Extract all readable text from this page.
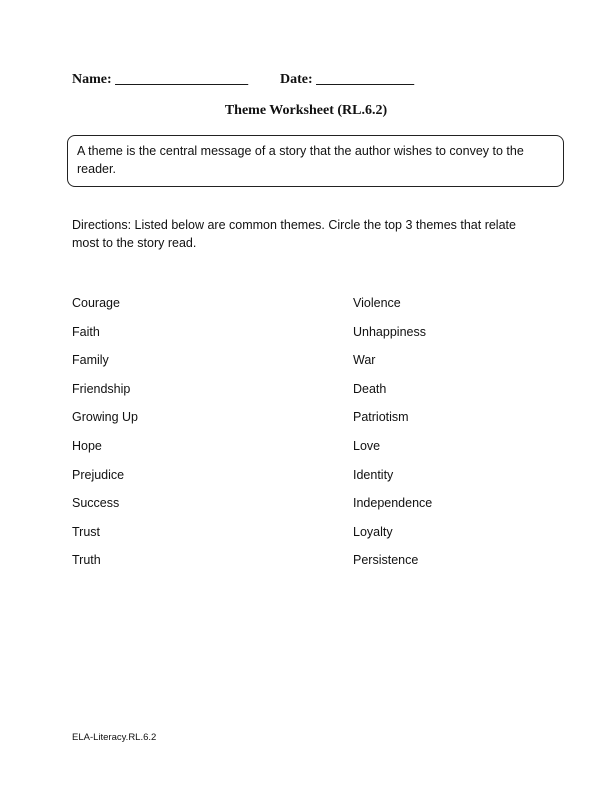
Name: ___________________ Date: ______________
Theme Worksheet (RL.6.2)
A theme is the central message of a story that the author wishes to convey to the reader.
Directions: Listed below are common themes. Circle the top 3 themes that relate most to the story read.
Courage
Faith
Family
Friendship
Growing Up
Hope
Prejudice
Success
Trust
Truth
Violence
Unhappiness
War
Death
Patriotism
Love
Identity
Independence
Loyalty
Persistence
ELA-Literacy.RL.6.2
